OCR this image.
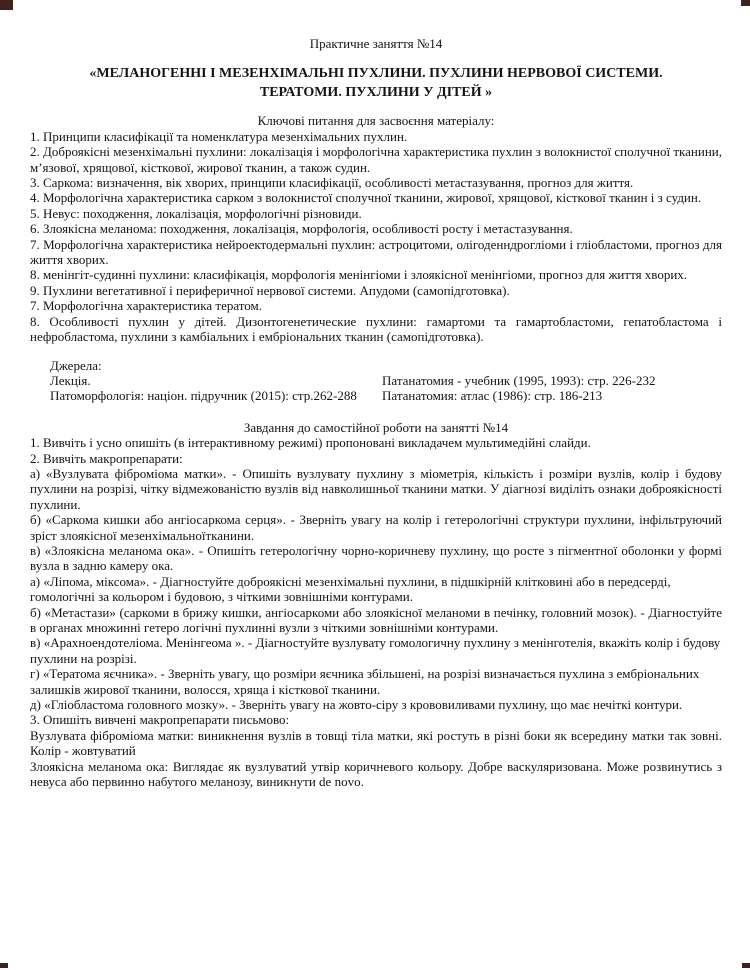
Практичне заняття №14
«МЕЛАНОГЕННІ І МЕЗЕНХІМАЛЬНІ ПУХЛИНИ. ПУХЛИНИ НЕРВОВОЇ СИСТЕМИ. ТЕРАТОМИ. ПУХЛИНИ У ДІТЕЙ »
Ключові питання для засвоєння матеріалу:

1. Принципи класифікації та номенклатура мезенхімальних пухлин.

2. Доброякісні мезенхімальні пухлини: локалізація і морфологічна характеристика пухлин з волокнистої сполучної тканини, м’язової, хрящової, кісткової, жирової тканин, а також судин.

3. Саркома: визначення, вік хворих, принципи класифікації, особливості метастазування, прогноз для життя.

4. Морфологічна характеристика сарком з волокнистої сполучної тканини, жирової, хрящової, кісткової тканин і з судин.

5. Невус: походження, локалізація, морфологічні різновиди.

6. Злоякісна меланома: походження, локалізація, морфологія, особливості росту і метастазування.

7. Морфологічна характеристика нейроектодермальні пухлин: астроцитоми, олігоденндрогліоми і гліобластоми, прогноз для життя хворих.

8. менінгіт-судинні пухлини: класифікація, морфологія менінгіоми і злоякісної менінгіоми, прогноз для життя хворих.

9. Пухлини вегетативної і периферичної нервової системи. Апудоми (самопідготовка).

7. Морфологічна характеристика тератом.

8. Особливості пухлин у дітей. Дизонтогенетические пухлини: гамартоми та гамартобластоми, гепатобластома і нефробластома, пухлини з камбіальних і ембріональних тканин (самопідготовка).

Джерела:
Лекція.	Патанатомия - учебник (1995, 1993): стр. 226-232
Патоморфологія: націон. підручник (2015): стр.262-288	Патанатомия: атлас (1986): стр. 186-213
Завдання до самостійної роботи на занятті №14

1. Вивчіть і усно опишіть (в інтерактивному режимі) пропоновані викладачем мультимедійні слайди.

2. Вивчіть макропрепарати:

а) «Вузлувата фіброміома матки». - Опишіть вузлувату пухлину з міометрія, кількість і розміри вузлів, колір і будову пухлини на розрізі, чітку відмежованістю вузлів від навколишньої тканини матки. У діагнозі виділіть ознаки доброякісності пухлини.

б) «Саркома кишки або ангіосаркома серця». - Зверніть увагу на колір і гетерологічні структури пухлини, інфільтруючий зріст злоякісної мезенхімальноїтканини.

в) «Злоякісна меланома ока». - Опишіть гетерологічну чорно-коричневу пухлину, що росте з пігментної оболонки у формі вузла в задню камеру ока.

а) «Ліпома, міксома». - Діагностуйте доброякісні мезенхімальні пухлини, в підшкірній клітковині або в передсерді, гомологічні за кольором і будовою, з чіткими зовнішніми контурами.

б) «Метастази» (саркоми в брижу кишки, ангіосаркоми або злоякісної меланоми в печінку, головний мозок). - Діагностуйте в органах множинні гетеро логічні пухлинні вузли з чіткими зовнішніми контурами.

в) «Арахноендотеліома. Менінгеома ». - Діагностуйте вузлувату гомологичну пухлину з менінготелія, вкажіть колір і будову пухлини на розрізі.

г) «Тератома яєчника». - Зверніть увагу, що розміри яєчника збільшені, на розрізі визначається пухлина з ембріональних залишків жирової тканини, волосся, хряща і кісткової тканини.

д) «Гліобластома головного мозку». - Зверніть увагу на жовто-сіру з крововиливами пухлину, що має нечіткі контури.

3. Опишіть вивчені макропрепарати письмово:

Вузлувата фіброміома матки: виникнення вузлів в товщі тіла матки, які ростуть в різні боки як всередину матки так зовні. Колір - жовтуватий

Злоякісна меланома ока: Виглядає як вузлуватий утвір коричневого кольору. Добре васкуляризована. Може розвинутись з невуса або первинно набутого меланозу, виникнути de novo.
